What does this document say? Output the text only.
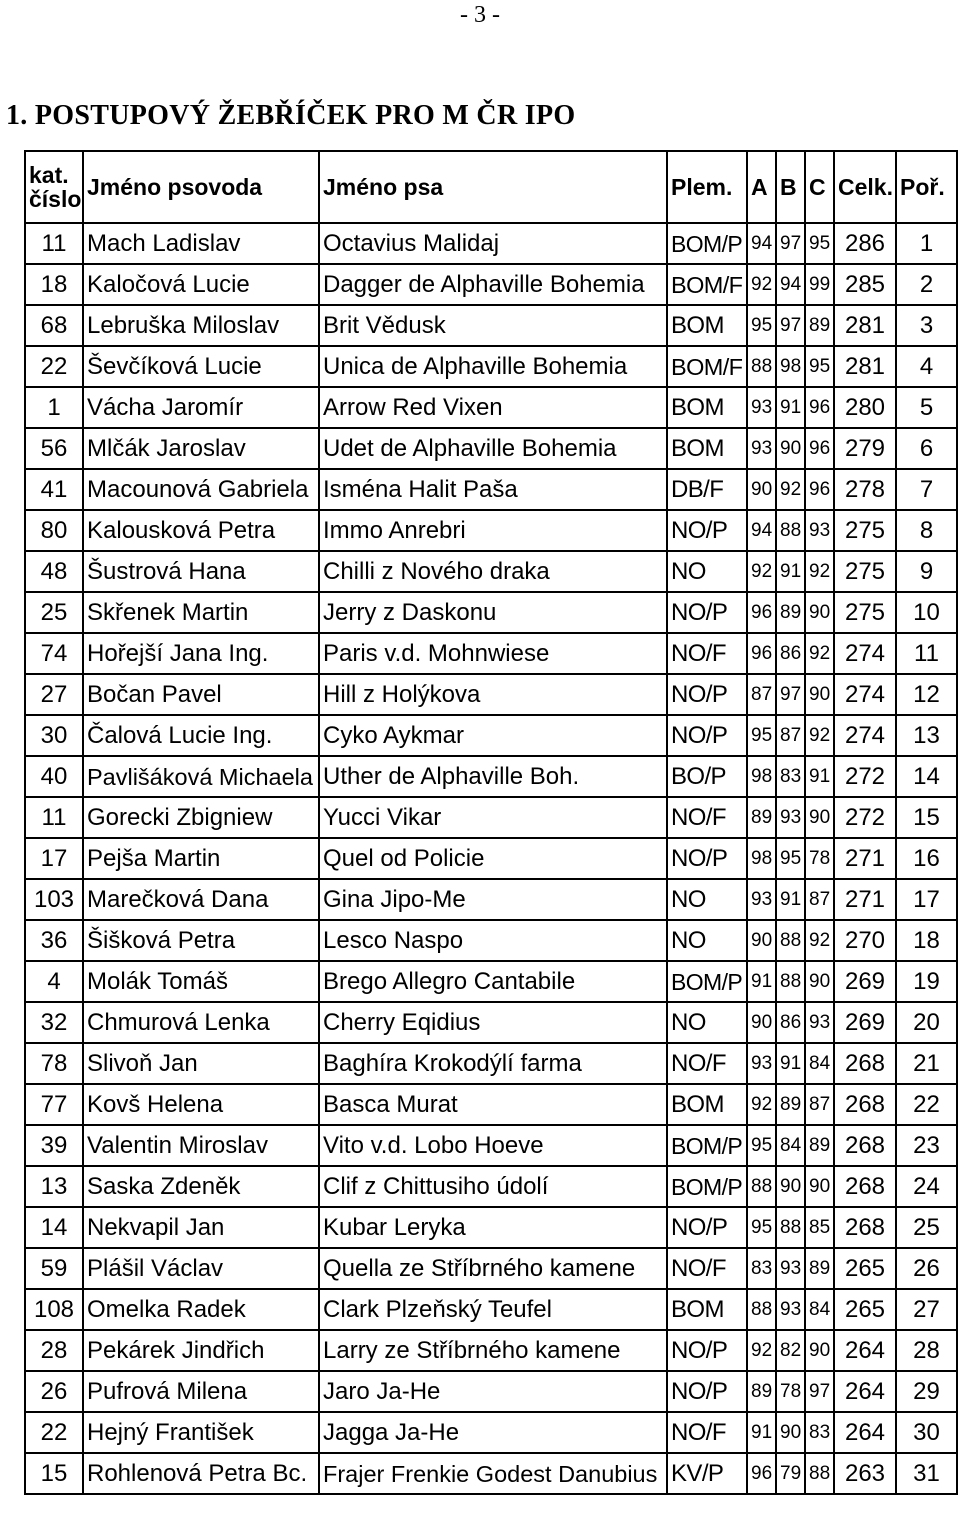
- 3 -
1. POSTUPOVÝ ŽEBŘÍČEK PRO M ČR IPO
kat.
číslo	Jméno psovoda	Jméno psa	Plem.	A	B	C	Celk.	Poř.
11	Mach Ladislav	Octavius Malidaj	BOM/P	94	97	95	286	1
18	Kaločová Lucie	Dagger de Alphaville Bohemia	BOM/F	92	94	99	285	2
68	Lebruška Miloslav	Brit Vědusk	BOM	95	97	89	281	3
22	Ševčíková Lucie	Unica de Alphaville Bohemia	BOM/F	88	98	95	281	4
1	Vácha Jaromír	Arrow Red Vixen	BOM	93	91	96	280	5
56	Mlčák Jaroslav	Udet de Alphaville Bohemia	BOM	93	90	96	279	6
41	Macounová Gabriela	Isména Halit Paša	DB/F	90	92	96	278	7
80	Kalousková Petra	Immo Anrebri	NO/P	94	88	93	275	8
48	Šustrová Hana	Chilli z Nového draka	NO	92	91	92	275	9
25	Skřenek Martin	Jerry z Daskonu	NO/P	96	89	90	275	10
74	Hořejší Jana Ing.	Paris v.d. Mohnwiese	NO/F	96	86	92	274	11
27	Bočan Pavel	Hill z Holýkova	NO/P	87	97	90	274	12
30	Čalová Lucie Ing.	Cyko Aykmar	NO/P	95	87	92	274	13
40	Pavlišáková Michaela	Uther de Alphaville Boh.	BO/P	98	83	91	272	14
11	Gorecki Zbigniew	Yucci Vikar	NO/F	89	93	90	272	15
17	Pejša Martin	Quel od Policie	NO/P	98	95	78	271	16
103	Marečková Dana	Gina Jipo-Me	NO	93	91	87	271	17
36	Šišková Petra	Lesco Naspo	NO	90	88	92	270	18
4	Molák Tomáš	Brego Allegro Cantabile	BOM/P	91	88	90	269	19
32	Chmurová Lenka	Cherry Eqidius	NO	90	86	93	269	20
78	Slivoň Jan	Baghíra Krokodýlí farma	NO/F	93	91	84	268	21
77	Kovš Helena	Basca Murat	BOM	92	89	87	268	22
39	Valentin Miroslav	Vito v.d. Lobo Hoeve	BOM/P	95	84	89	268	23
13	Saska Zdeněk	Clif z Chittusiho údolí	BOM/P	88	90	90	268	24
14	Nekvapil Jan	Kubar Leryka	NO/P	95	88	85	268	25
59	Plášil Václav	Quella ze Stříbrného kamene	NO/F	83	93	89	265	26
108	Omelka Radek	Clark Plzeňský Teufel	BOM	88	93	84	265	27
28	Pekárek Jindřich	Larry ze Stříbrného kamene	NO/P	92	82	90	264	28
26	Pufrová Milena	Jaro Ja-He	NO/P	89	78	97	264	29
22	Hejný František	Jagga Ja-He	NO/F	91	90	83	264	30
15	Rohlenová Petra Bc.	Frajer Frenkie Godest Danubius	KV/P	96	79	88	263	31
